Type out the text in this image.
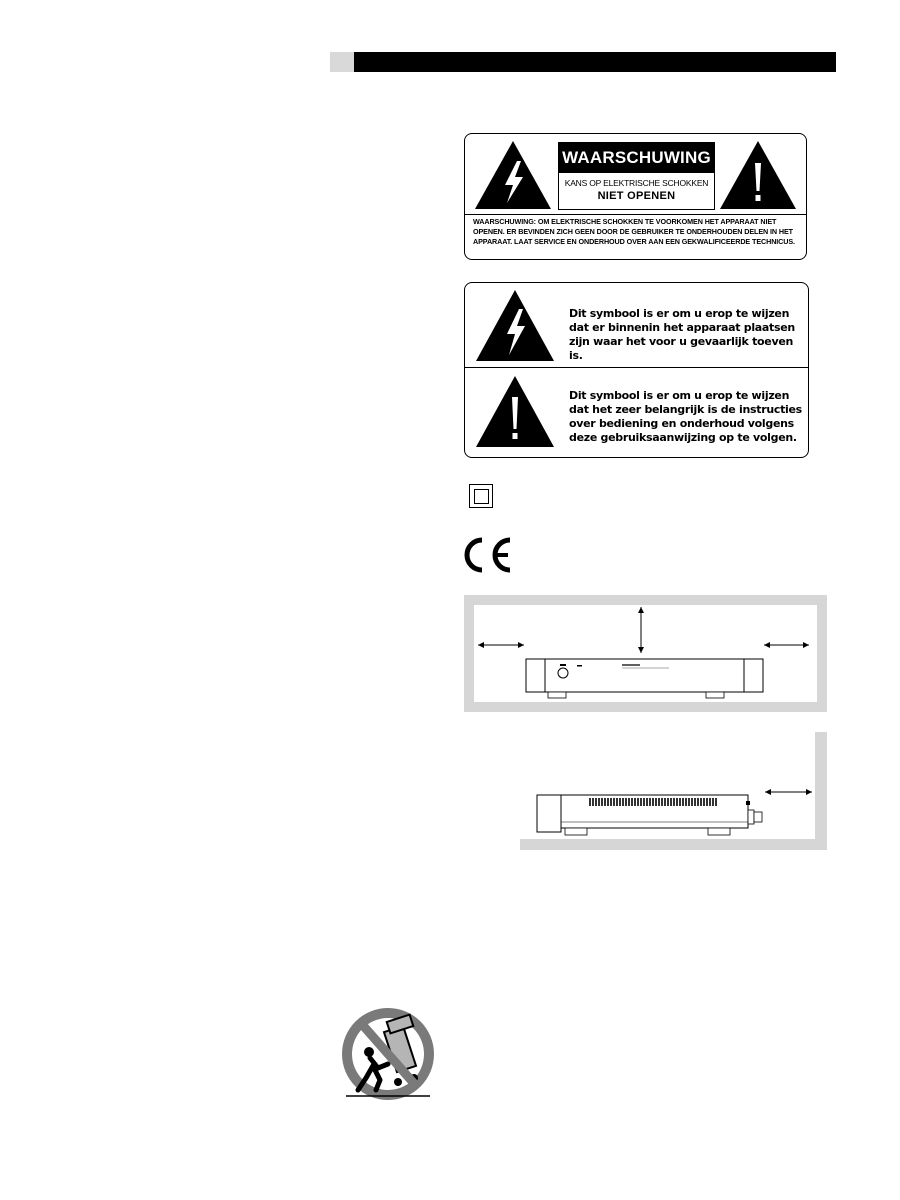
WAARSCHUWING
KANS OP ELEKTRISCHE SCHOKKEN
NIET OPENEN
WAARSCHUWING: OM ELEKTRISCHE SCHOKKEN TE VOORKOMEN HET APPARAAT NIET OPENEN. ER BEVINDEN ZICH GEEN DOOR DE GEBRUIKER TE ONDERHOUDEN DELEN IN HET APPARAAT. LAAT SERVICE EN ONDERHOUD OVER AAN EEN GEKWALIFICEERDE TECHNICUS.
Dit symbool is er om u erop te wijzen dat er binnenin het apparaat plaatsen zijn waar het voor u gevaarlijk toeven is.
Dit symbool is er om u erop te wijzen dat het zeer belangrijk is de instructies over bediening en onderhoud volgens deze gebruiksaanwijzing op te volgen.
